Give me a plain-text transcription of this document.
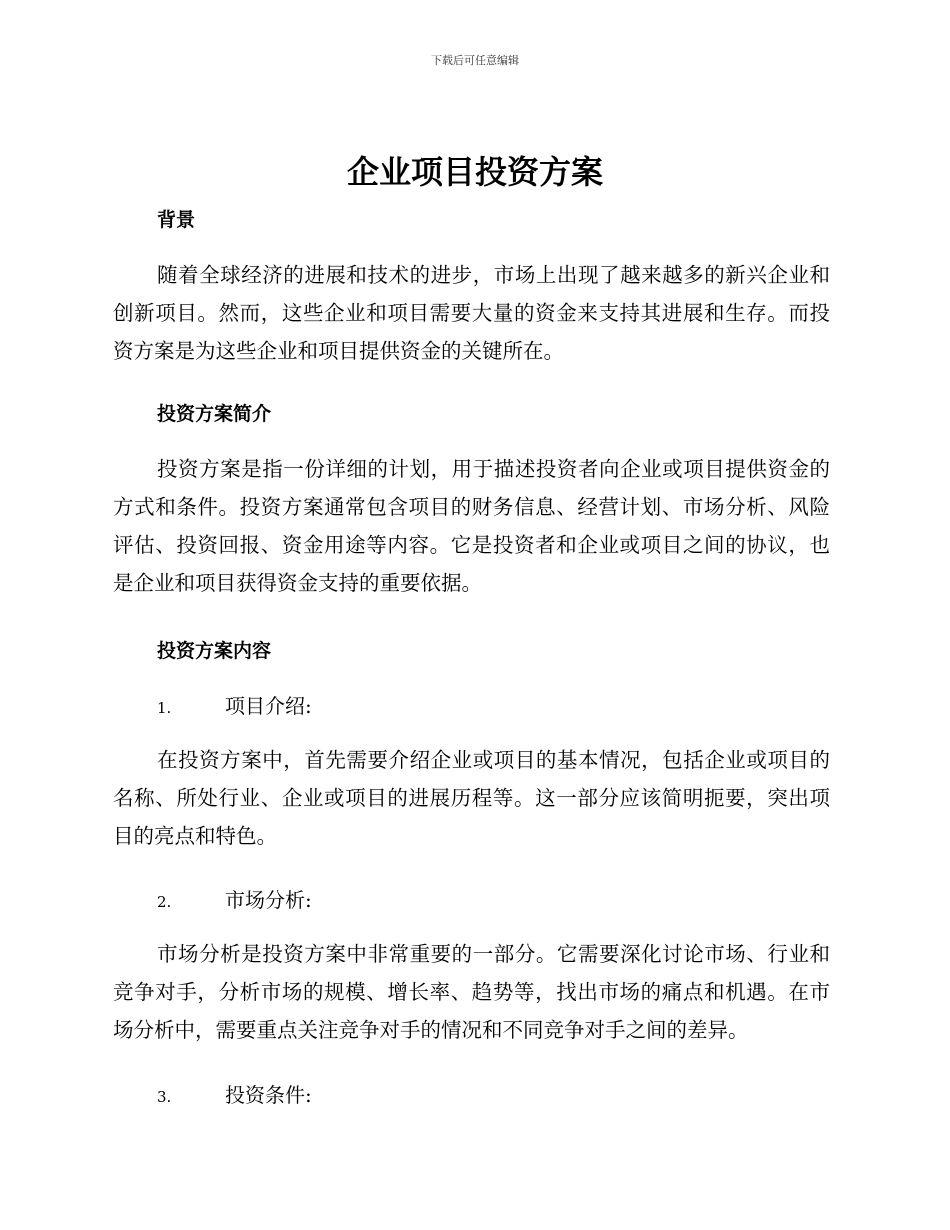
下载后可任意编辑
企业项目投资方案
背景

随着全球经济的进展和技术的进步，市场上出现了越来越多的新兴企业和创新项目。然而，这些企业和项目需要大量的资金来支持其进展和生存。而投资方案是为这些企业和项目提供资金的关键所在。

投资方案简介

投资方案是指一份详细的计划，用于描述投资者向企业或项目提供资金的方式和条件。投资方案通常包含项目的财务信息、经营计划、市场分析、风险评估、投资回报、资金用途等内容。它是投资者和企业或项目之间的协议，也是企业和项目获得资金支持的重要依据。

投资方案内容
1.	项目介绍:

在投资方案中，首先需要介绍企业或项目的基本情况，包括企业或项目的名称、所处行业、企业或项目的进展历程等。这一部分应该简明扼要，突出项目的亮点和特色。

2.	市场分析:

市场分析是投资方案中非常重要的一部分。它需要深化讨论市场、行业和竞争对手，分析市场的规模、增长率、趋势等，找出市场的痛点和机遇。在市场分析中，需要重点关注竞争对手的情况和不同竞争对手之间的差异。

3.	投资条件:
